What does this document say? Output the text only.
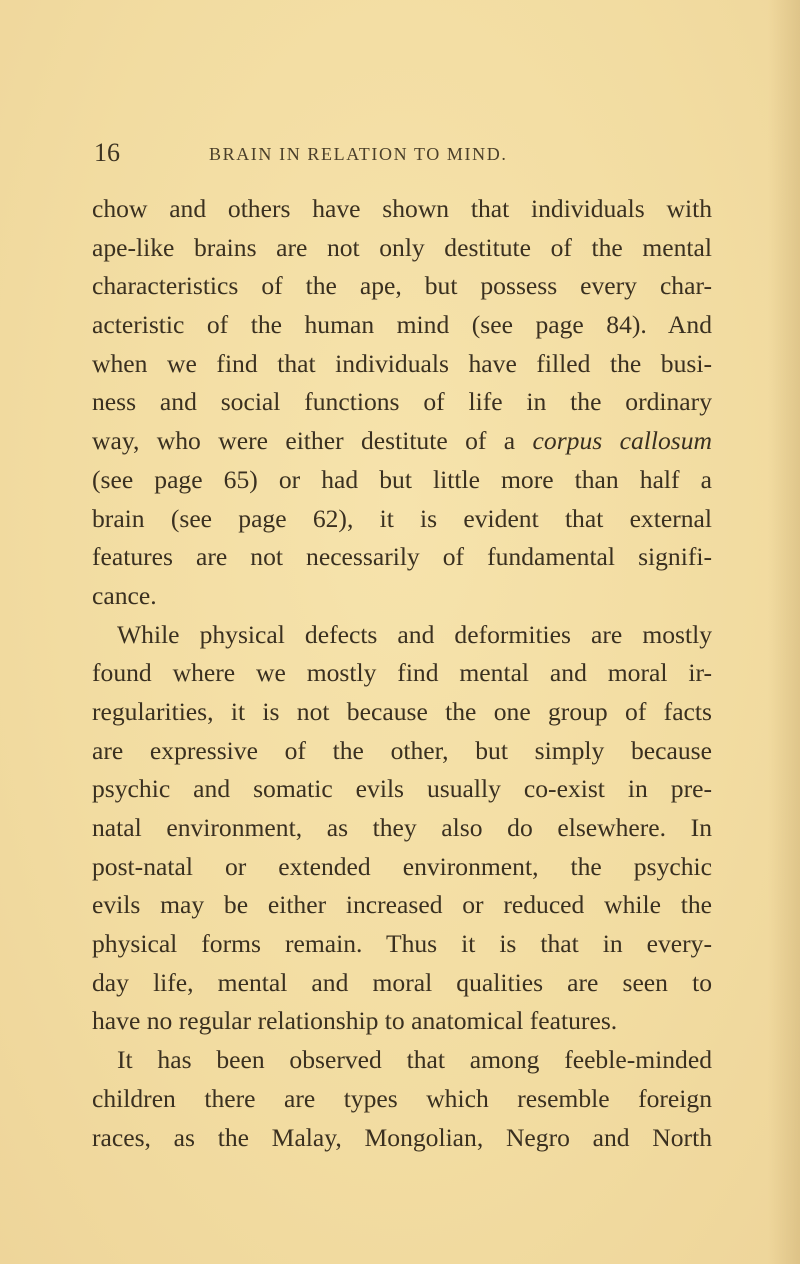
16	BRAIN IN RELATION TO MIND.
chow and others have shown that individuals with
ape-like brains are not only destitute of the mental
characteristics of the ape, but possess every char-
acteristic of the human mind (see page 84). And
when we find that individuals have filled the busi-
ness and social functions of life in the ordinary
way, who were either destitute of a corpus callosum
(see page 65) or had but little more than half a
brain (see page 62), it is evident that external
features are not necessarily of fundamental signifi-
cance.
While physical defects and deformities are mostly
found where we mostly find mental and moral ir-
regularities, it is not because the one group of facts
are expressive of the other, but simply because
psychic and somatic evils usually co-exist in pre-
natal environment, as they also do elsewhere. In
post-natal or extended environment, the psychic
evils may be either increased or reduced while the
physical forms remain. Thus it is that in every-
day life, mental and moral qualities are seen to
have no regular relationship to anatomical features.
It has been observed that among feeble-minded
children there are types which resemble foreign
races, as the Malay, Mongolian, Negro and North
